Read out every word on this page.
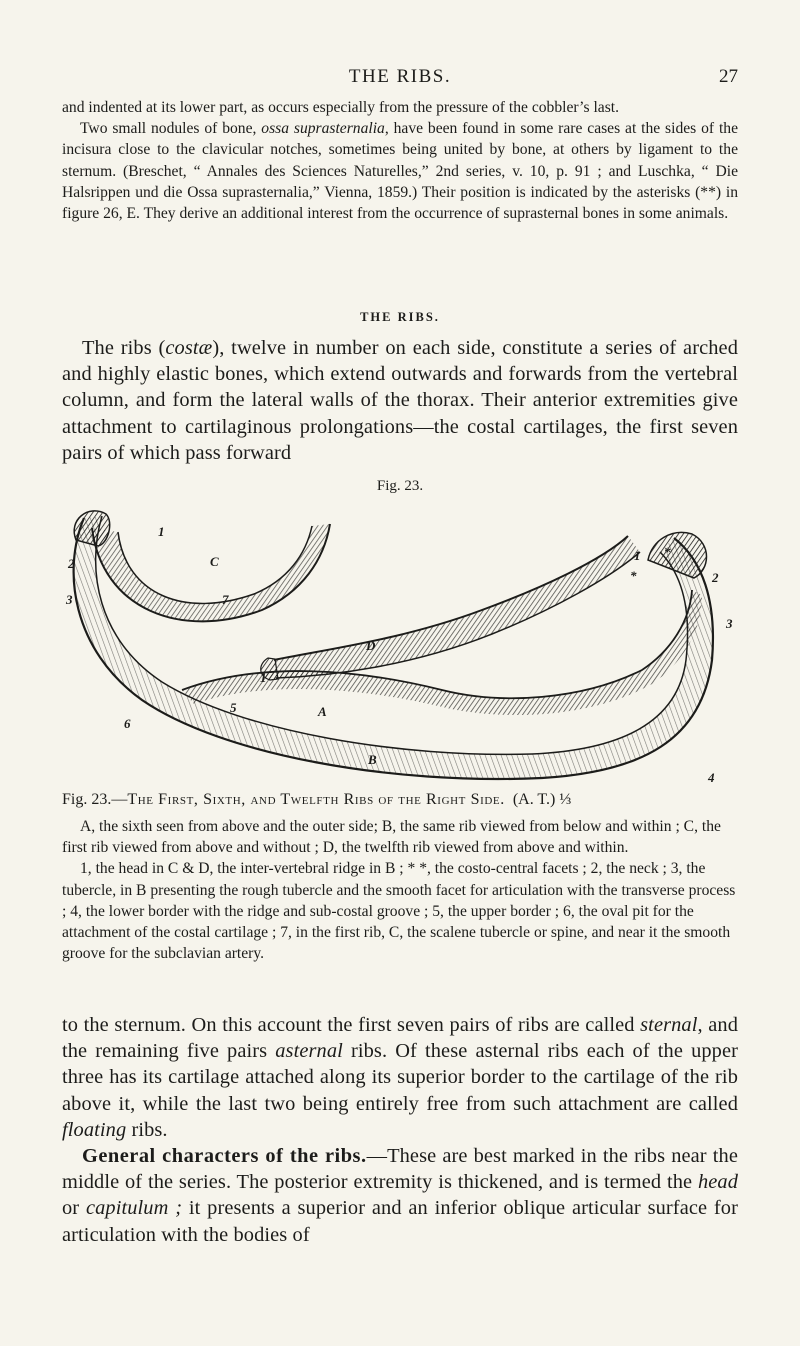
THE RIBS.	27

and indented at its lower part, as occurs especially from the pressure of the cobbler’s last.

Two small nodules of bone, ossa suprasternalia, have been found in some rare cases at the sides of the incisura close to the clavicular notches, sometimes being united by bone, at others by ligament to the sternum. (Breschet, “ Annales des Sciences Naturelles,” 2nd series, v. 10, p. 91 ; and Luschka, “ Die Halsrippen und die Ossa suprasternalia,” Vienna, 1859.) Their position is indicated by the asterisks (**) in figure 26, E. They derive an additional interest from the occurrence of suprasternal bones in some animals.

THE RIBS.

The ribs (costæ), twelve in number on each side, constitute a series of arched and highly elastic bones, which extend outwards and forwards from the vertebral column, and form the lateral walls of the thorax. Their anterior extremities give attachment to cartilaginous prolongations—the costal cartilages, the first seven pairs of which pass forward

Fig. 23.
1
C
2
7
3
D
1
5	A
6
B
1 *
*	2
3
4
Fig. 23.—The First, Sixth, and Twelfth Ribs of the Right Side. (A. T.) ⅓

A, the sixth seen from above and the outer side; B, the same rib viewed from below and within ; C, the first rib viewed from above and without ; D, the twelfth rib viewed from above and within.

1, the head in C & D, the inter-vertebral ridge in B ; * *, the costo-central facets ; 2, the neck ; 3, the tubercle, in B presenting the rough tubercle and the smooth facet for articulation with the transverse process ; 4, the lower border with the ridge and sub-costal groove ; 5, the upper border ; 6, the oval pit for the attachment of the costal cartilage ; 7, in the first rib, C, the scalene tubercle or spine, and near it the smooth groove for the subclavian artery.

to the sternum. On this account the first seven pairs of ribs are called sternal, and the remaining five pairs asternal ribs. Of these asternal ribs each of the upper three has its cartilage attached along its superior border to the cartilage of the rib above it, while the last two being entirely free from such attachment are called floating ribs.

General characters of the ribs.—These are best marked in the ribs near the middle of the series. The posterior extremity is thickened, and is termed the head or capitulum ; it presents a superior and an inferior oblique articular surface for articulation with the bodies of
